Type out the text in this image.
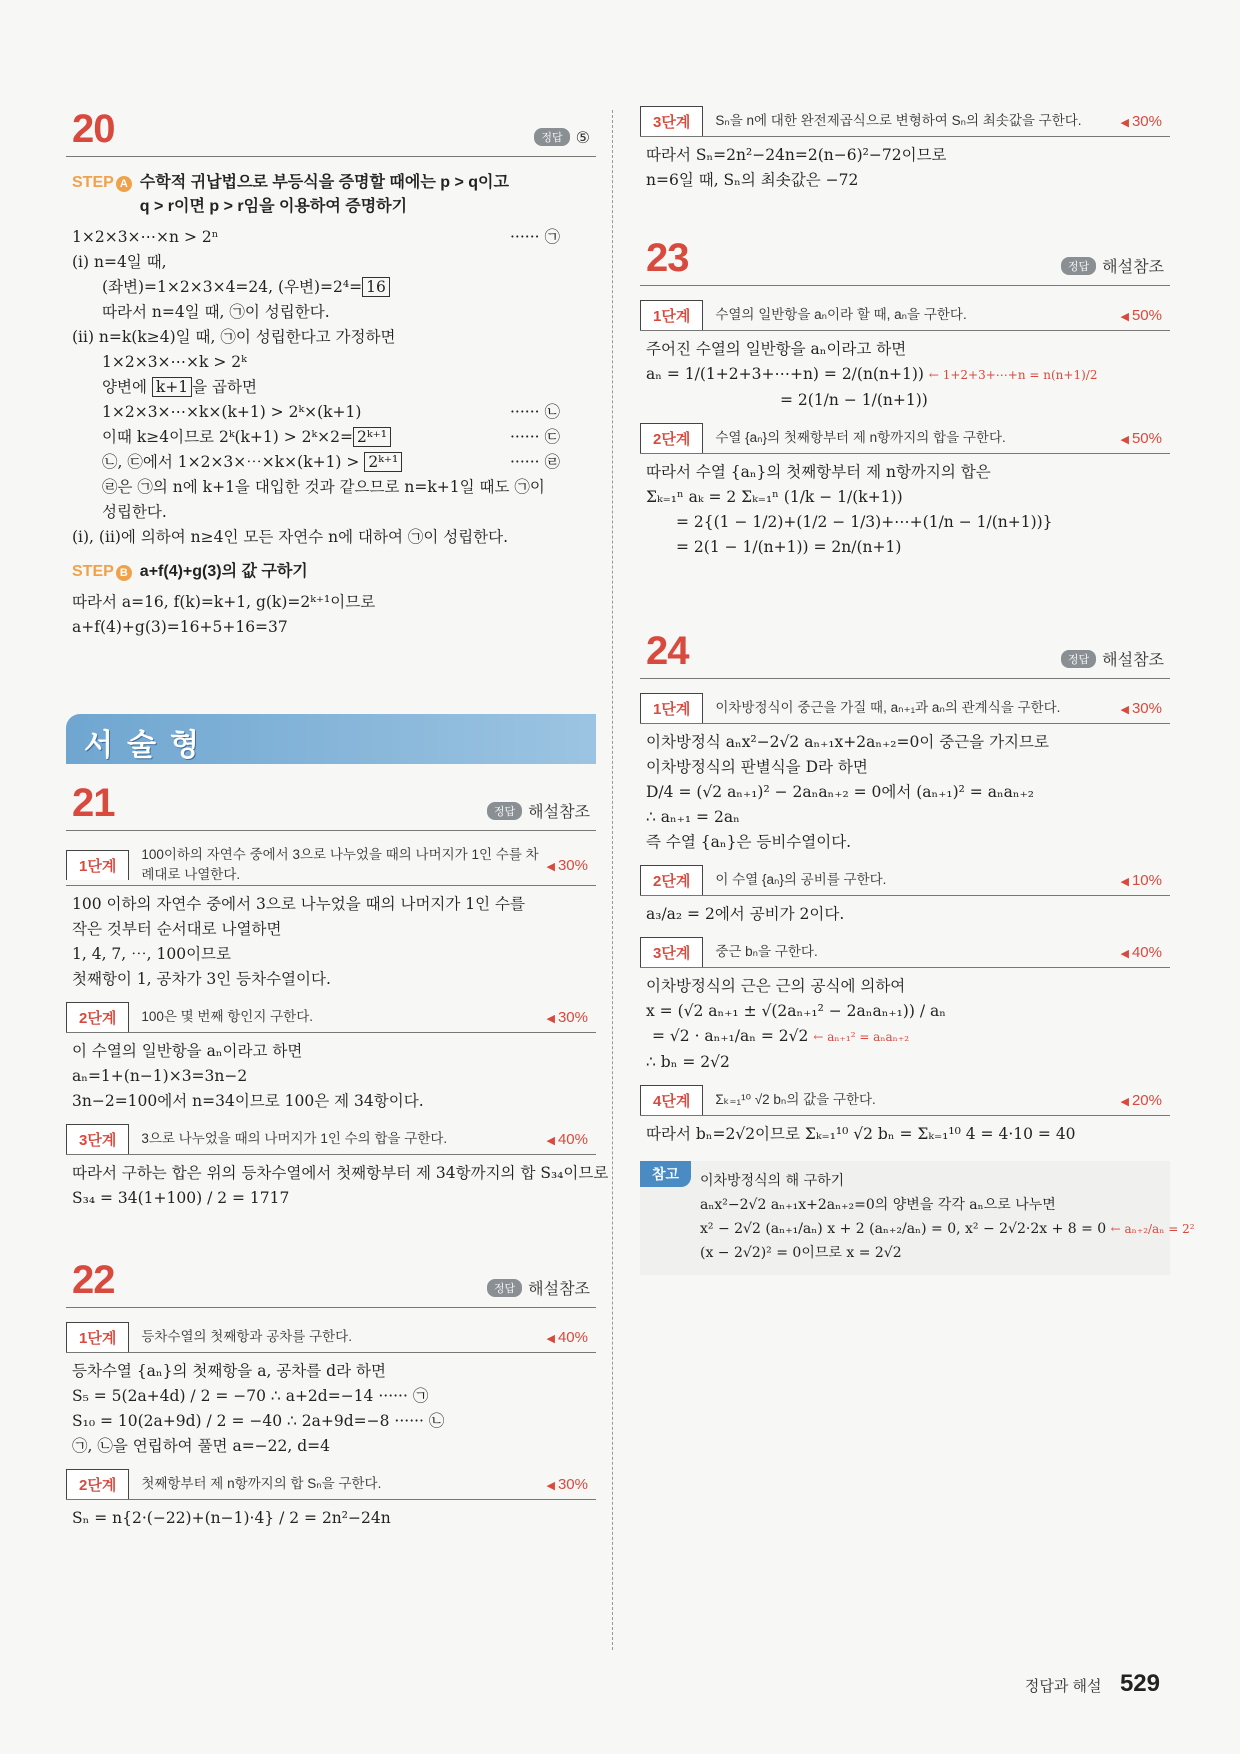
20	정답 ⑤
STEP A 수학적 귀납법으로 부등식을 증명할 때에는 p > q이고
q > r이면 p > r임을 이용하여 증명하기
1×2×3×⋯×n > 2ⁿ	······ ㉠
(ⅰ) n=4일 때,
(좌변)=1×2×3×4=24, (우변)=2⁴= 16
따라서 n=4일 때, ㉠이 성립한다.
(ⅱ) n=k(k≥4)일 때, ㉠이 성립한다고 가정하면
1×2×3×⋯×k > 2ᵏ
양변에 k+1 을 곱하면
1×2×3×⋯×k×(k+1) > 2ᵏ×(k+1)	······ ㉡
이때 k≥4이므로 2ᵏ(k+1) > 2ᵏ×2= 2ᵏ⁺¹	······ ㉢
㉡, ㉢에서 1×2×3×⋯×k×(k+1) > 2ᵏ⁺¹	······ ㉣
㉣은 ㉠의 n에 k+1을 대입한 것과 같으므로 n=k+1일 때도 ㉠이
성립한다.
(ⅰ), (ⅱ)에 의하여 n≥4인 모든 자연수 n에 대하여 ㉠이 성립한다.
STEP B a+f(4)+g(3)의 값 구하기
따라서 a=16, f(k)=k+1, g(k)=2ᵏ⁺¹이므로
a+f(4)+g(3)=16+5+16=37
서술형
21	정답 해설참조
1단계
100이하의 자연수 중에서 3으로 나누었을 때의 나머지가 1인 수를 차례대로 나열한다.
◀ 30%
100 이하의 자연수 중에서 3으로 나누었을 때의 나머지가 1인 수를
작은 것부터 순서대로 나열하면
1, 4, 7, ⋯, 100이므로
첫째항이 1, 공차가 3인 등차수열이다.
2단계	100은 몇 번째 항인지 구한다.	◀ 30%
이 수열의 일반항을 aₙ이라고 하면
aₙ=1+(n−1)×3=3n−2
3n−2=100에서 n=34이므로 100은 제 34항이다.
3단계	3으로 나누었을 때의 나머지가 1인 수의 합을 구한다.	◀ 40%
따라서 구하는 합은 위의 등차수열에서 첫째항부터 제 34항까지의 합 S₃₄이므로
S₃₄ = 34(1+100) / 2 = 1717
22	정답 해설참조
1단계	등차수열의 첫째항과 공차를 구한다.	◀ 40%
등차수열 {aₙ}의 첫째항을 a, 공차를 d라 하면
S₅ = 5(2a+4d) / 2 = −70 ∴ a+2d=−14 ······ ㉠
S₁₀ = 10(2a+9d) / 2 = −40 ∴ 2a+9d=−8 ······ ㉡
㉠, ㉡을 연립하여 풀면 a=−22, d=4
2단계	첫째항부터 제 n항까지의 합 Sₙ을 구한다.	◀ 30%
Sₙ = n{2·(−22)+(n−1)·4} / 2 = 2n²−24n
3단계	Sₙ을 n에 대한 완전제곱식으로 변형하여 Sₙ의 최솟값을 구한다.	◀ 30%
따라서 Sₙ=2n²−24n=2(n−6)²−72이므로
n=6일 때, Sₙ의 최솟값은 −72
23	정답 해설참조
1단계	수열의 일반항을 aₙ이라 할 때, aₙ을 구한다.	◀ 50%
주어진 수열의 일반항을 aₙ이라고 하면
aₙ = 1/(1+2+3+⋯+n) = 2/(n(n+1)) ← 1+2+3+⋯+n = n(n+1)/2
= 2(1/n − 1/(n+1))
2단계	수열 {aₙ}의 첫째항부터 제 n항까지의 합을 구한다.	◀ 50%
따라서 수열 {aₙ}의 첫째항부터 제 n항까지의 합은
Σₖ₌₁ⁿ aₖ = 2 Σₖ₌₁ⁿ (1/k − 1/(k+1))
= 2{(1 − 1/2)+(1/2 − 1/3)+⋯+(1/n − 1/(n+1))}
= 2(1 − 1/(n+1)) = 2n/(n+1)
24	정답 해설참조
1단계	이차방정식이 중근을 가질 때, aₙ₊₁과 aₙ의 관계식을 구한다.	◀ 30%
이차방정식 aₙx²−2√2 aₙ₊₁x+2aₙ₊₂=0이 중근을 가지므로
이차방정식의 판별식을 D라 하면
D/4 = (√2 aₙ₊₁)² − 2aₙaₙ₊₂ = 0에서 (aₙ₊₁)² = aₙaₙ₊₂
∴ aₙ₊₁ = 2aₙ
즉 수열 {aₙ}은 등비수열이다.
2단계	이 수열 {aₙ}의 공비를 구한다.	◀ 10%
a₃/a₂ = 2에서 공비가 2이다.
3단계	중근 bₙ을 구한다.	◀ 40%
이차방정식의 근은 근의 공식에 의하여
x = (√2 aₙ₊₁ ± √(2aₙ₊₁² − 2aₙaₙ₊₁)) / aₙ
= √2 · aₙ₊₁/aₙ = 2√2 ← aₙ₊₁² = aₙaₙ₊₂
∴ bₙ = 2√2
4단계	Σₖ₌₁¹⁰ √2 bₙ의 값을 구한다.	◀ 20%
따라서 bₙ=2√2이므로 Σₖ₌₁¹⁰ √2 bₙ = Σₖ₌₁¹⁰ 4 = 4·10 = 40
참고	이차방정식의 해 구하기
aₙx²−2√2 aₙ₊₁x+2aₙ₊₂=0의 양변을 각각 aₙ으로 나누면
x² − 2√2 (aₙ₊₁/aₙ) x + 2 (aₙ₊₂/aₙ) = 0, x² − 2√2·2x + 8 = 0 ← aₙ₊₂/aₙ = 2²
(x − 2√2)² = 0이므로 x = 2√2
정답과 해설 529
